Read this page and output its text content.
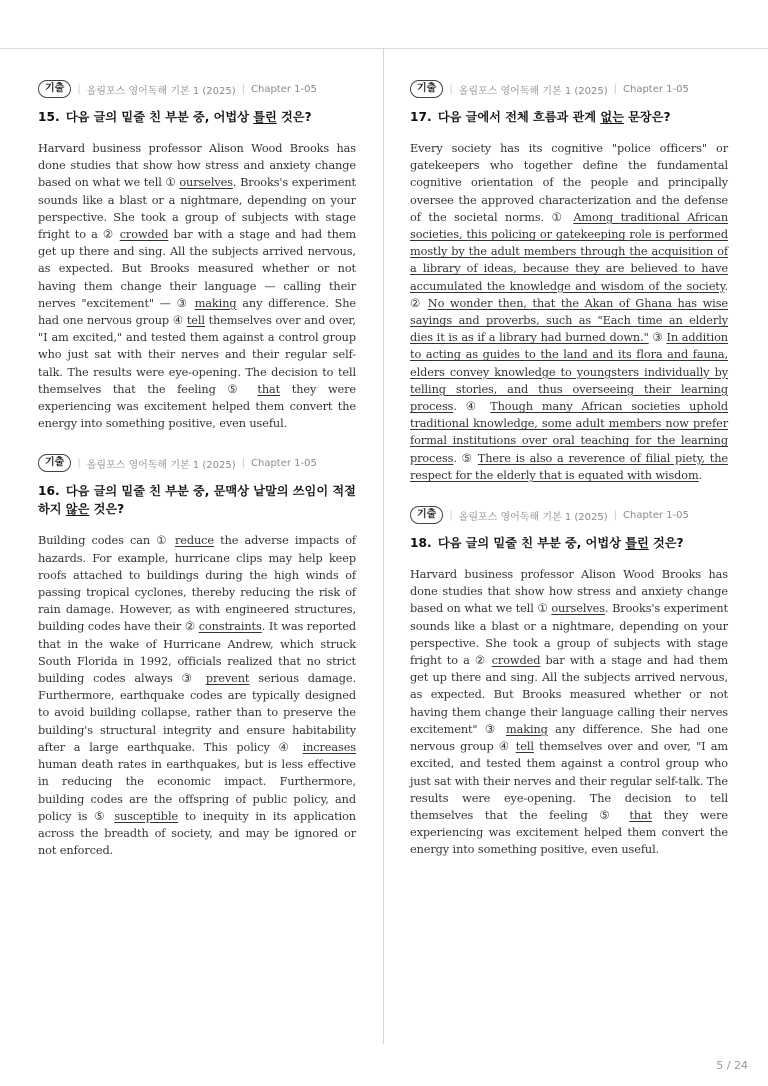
기출	| 올림포스 영어독해 기본 1 (2025) | Chapter 1-05

15. 다음 글의 밑줄 친 부분 중, 어법상 틀린 것은?

Harvard business professor Alison Wood Brooks has done studies that show how stress and anxiety change based on what we tell ① ourselves. Brooks's experiment sounds like a blast or a nightmare, depending on your perspective. She took a group of subjects with stage fright to a ② crowded bar with a stage and had them get up there and sing. All the subjects arrived nervous, as expected. But Brooks measured whether or not having them change their language — calling their nerves "excitement" — ③ making any difference. She had one nervous group ④ tell themselves over and over, "I am excited," and tested them against a control group who just sat with their nerves and their regular self-talk. The results were eye-opening. The decision to tell themselves that the feeling ⑤ that they were experiencing was excitement helped them convert the energy into something positive, even useful.

기출	| 올림포스 영어독해 기본 1 (2025) | Chapter 1-05

16. 다음 글의 밑줄 친 부분 중, 문맥상 낱말의 쓰임이 적절하지 않은 것은?

Building codes can ① reduce the adverse impacts of hazards. For example, hurricane clips may help keep roofs attached to buildings during the high winds of passing tropical cyclones, thereby reducing the risk of rain damage. However, as with engineered structures, building codes have their ② constraints. It was reported that in the wake of Hurricane Andrew, which struck South Florida in 1992, officials realized that no strict building codes always ③ prevent serious damage. Furthermore, earthquake codes are typically designed to avoid building collapse, rather than to preserve the building's structural integrity and ensure habitability after a large earthquake. This policy ④ increases human death rates in earthquakes, but is less effective in reducing the economic impact. Furthermore, building codes are the offspring of public policy, and policy is ⑤ susceptible to inequity in its application across the breadth of society, and may be ignored or not enforced.

기출	| 올림포스 영어독해 기본 1 (2025) | Chapter 1-05

17. 다음 글에서 전체 흐름과 관계 없는 문장은?

Every society has its cognitive "police officers" or gatekeepers who together define the fundamental cognitive orientation of the people and principally oversee the approved characterization and the defense of the societal norms. ① Among traditional African societies, this policing or gatekeeping role is performed mostly by the adult members through the acquisition of a library of ideas, because they are believed to have accumulated the knowledge and wisdom of the society. ② No wonder then, that the Akan of Ghana has wise sayings and proverbs, such as "Each time an elderly dies it is as if a library had burned down." ③ In addition to acting as guides to the land and its flora and fauna, elders convey knowledge to youngsters individually by telling stories, and thus overseeing their learning process. ④ Though many African societies uphold traditional knowledge, some adult members now prefer formal institutions over oral teaching for the learning process. ⑤ There is also a reverence of filial piety, the respect for the elderly that is equated with wisdom.

기출	| 올림포스 영어독해 기본 1 (2025) | Chapter 1-05

18. 다음 글의 밑줄 친 부분 중, 어법상 틀린 것은?

Harvard business professor Alison Wood Brooks has done studies that show how stress and anxiety change based on what we tell ① ourselves. Brooks's experiment sounds like a blast or a nightmare, depending on your perspective. She took a group of subjects with stage fright to a ② crowded bar with a stage and had them get up there and sing. All the subjects arrived nervous, as expected. But Brooks measured whether or not having them change their language calling their nerves excitement" ③ making any difference. She had one nervous group ④ tell themselves over and over, "I am excited, and tested them against a control group who just sat with their nerves and their regular self-talk. The results were eye-opening. The decision to tell themselves that the feeling ⑤ that they were experiencing was excitement helped them convert the energy into something positive, even useful.

5 / 24
